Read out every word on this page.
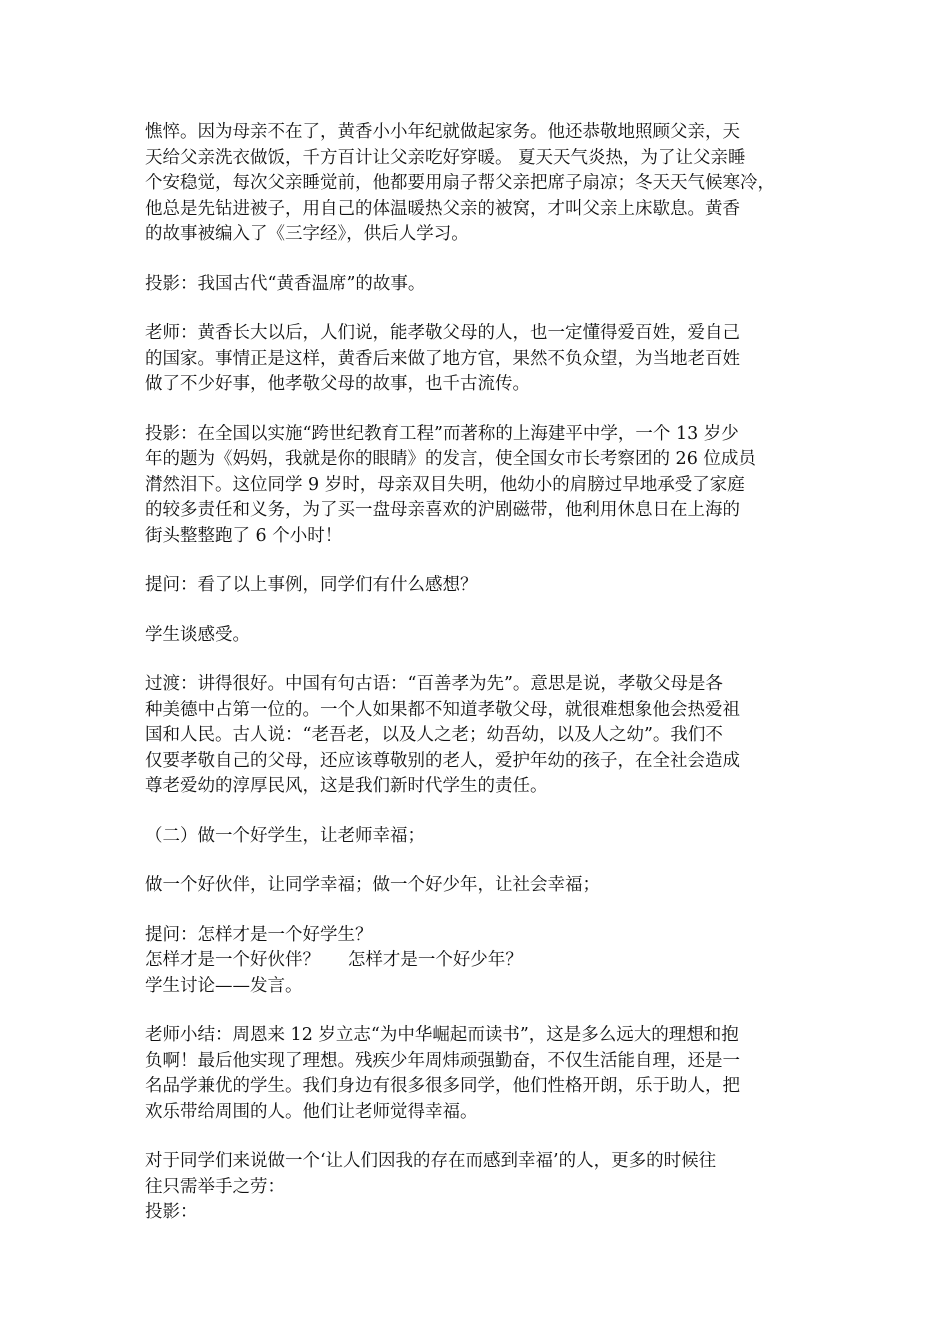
憔悴。因为母亲不在了，黄香小小年纪就做起家务。他还恭敬地照顾父亲，天
天给父亲洗衣做饭，千方百计让父亲吃好穿暖。 夏天天气炎热，为了让父亲睡
个安稳觉，每次父亲睡觉前，他都要用扇子帮父亲把席子扇凉；冬天天气候寒冷，
他总是先钻进被子，用自己的体温暖热父亲的被窝，才叫父亲上床歇息。黄香
的故事被编入了《三字经》，供后人学习。

投影：我国古代“黄香温席”的故事。

老师：黄香长大以后，人们说，能孝敬父母的人，也一定懂得爱百姓，爱自己
的国家。事情正是这样，黄香后来做了地方官，果然不负众望，为当地老百姓
做了不少好事，他孝敬父母的故事，也千古流传。

投影：在全国以实施“跨世纪教育工程”而著称的上海建平中学，一个 13 岁少
年的题为《妈妈，我就是你的眼睛》的发言，使全国女市长考察团的 26 位成员
潸然泪下。这位同学 9 岁时，母亲双目失明，他幼小的肩膀过早地承受了家庭
的较多责任和义务，为了买一盘母亲喜欢的沪剧磁带，他利用休息日在上海的
街头整整跑了 6 个小时！

提问：看了以上事例，同学们有什么感想？

学生谈感受。

过渡：讲得很好。中国有句古语：“百善孝为先”。意思是说，孝敬父母是各
种美德中占第一位的。一个人如果都不知道孝敬父母，就很难想象他会热爱祖
国和人民。古人说：“老吾老，以及人之老；幼吾幼，以及人之幼”。我们不
仅要孝敬自己的父母，还应该尊敬别的老人，爱护年幼的孩子，在全社会造成
尊老爱幼的淳厚民风，这是我们新时代学生的责任。

（二）做一个好学生，让老师幸福；

做一个好伙伴，让同学幸福；做一个好少年，让社会幸福；

提问：怎样才是一个好学生？
怎样才是一个好伙伴？     怎样才是一个好少年？
学生讨论——发言。

老师小结：周恩来 12 岁立志“为中华崛起而读书”，这是多么远大的理想和抱
负啊！最后他实现了理想。残疾少年周炜顽强勤奋，不仅生活能自理，还是一
名品学兼优的学生。我们身边有很多很多同学，他们性格开朗，乐于助人，把
欢乐带给周围的人。他们让老师觉得幸福。

对于同学们来说做一个‘让人们因我的存在而感到幸福’的人，更多的时候往
往只需举手之劳：
投影：
